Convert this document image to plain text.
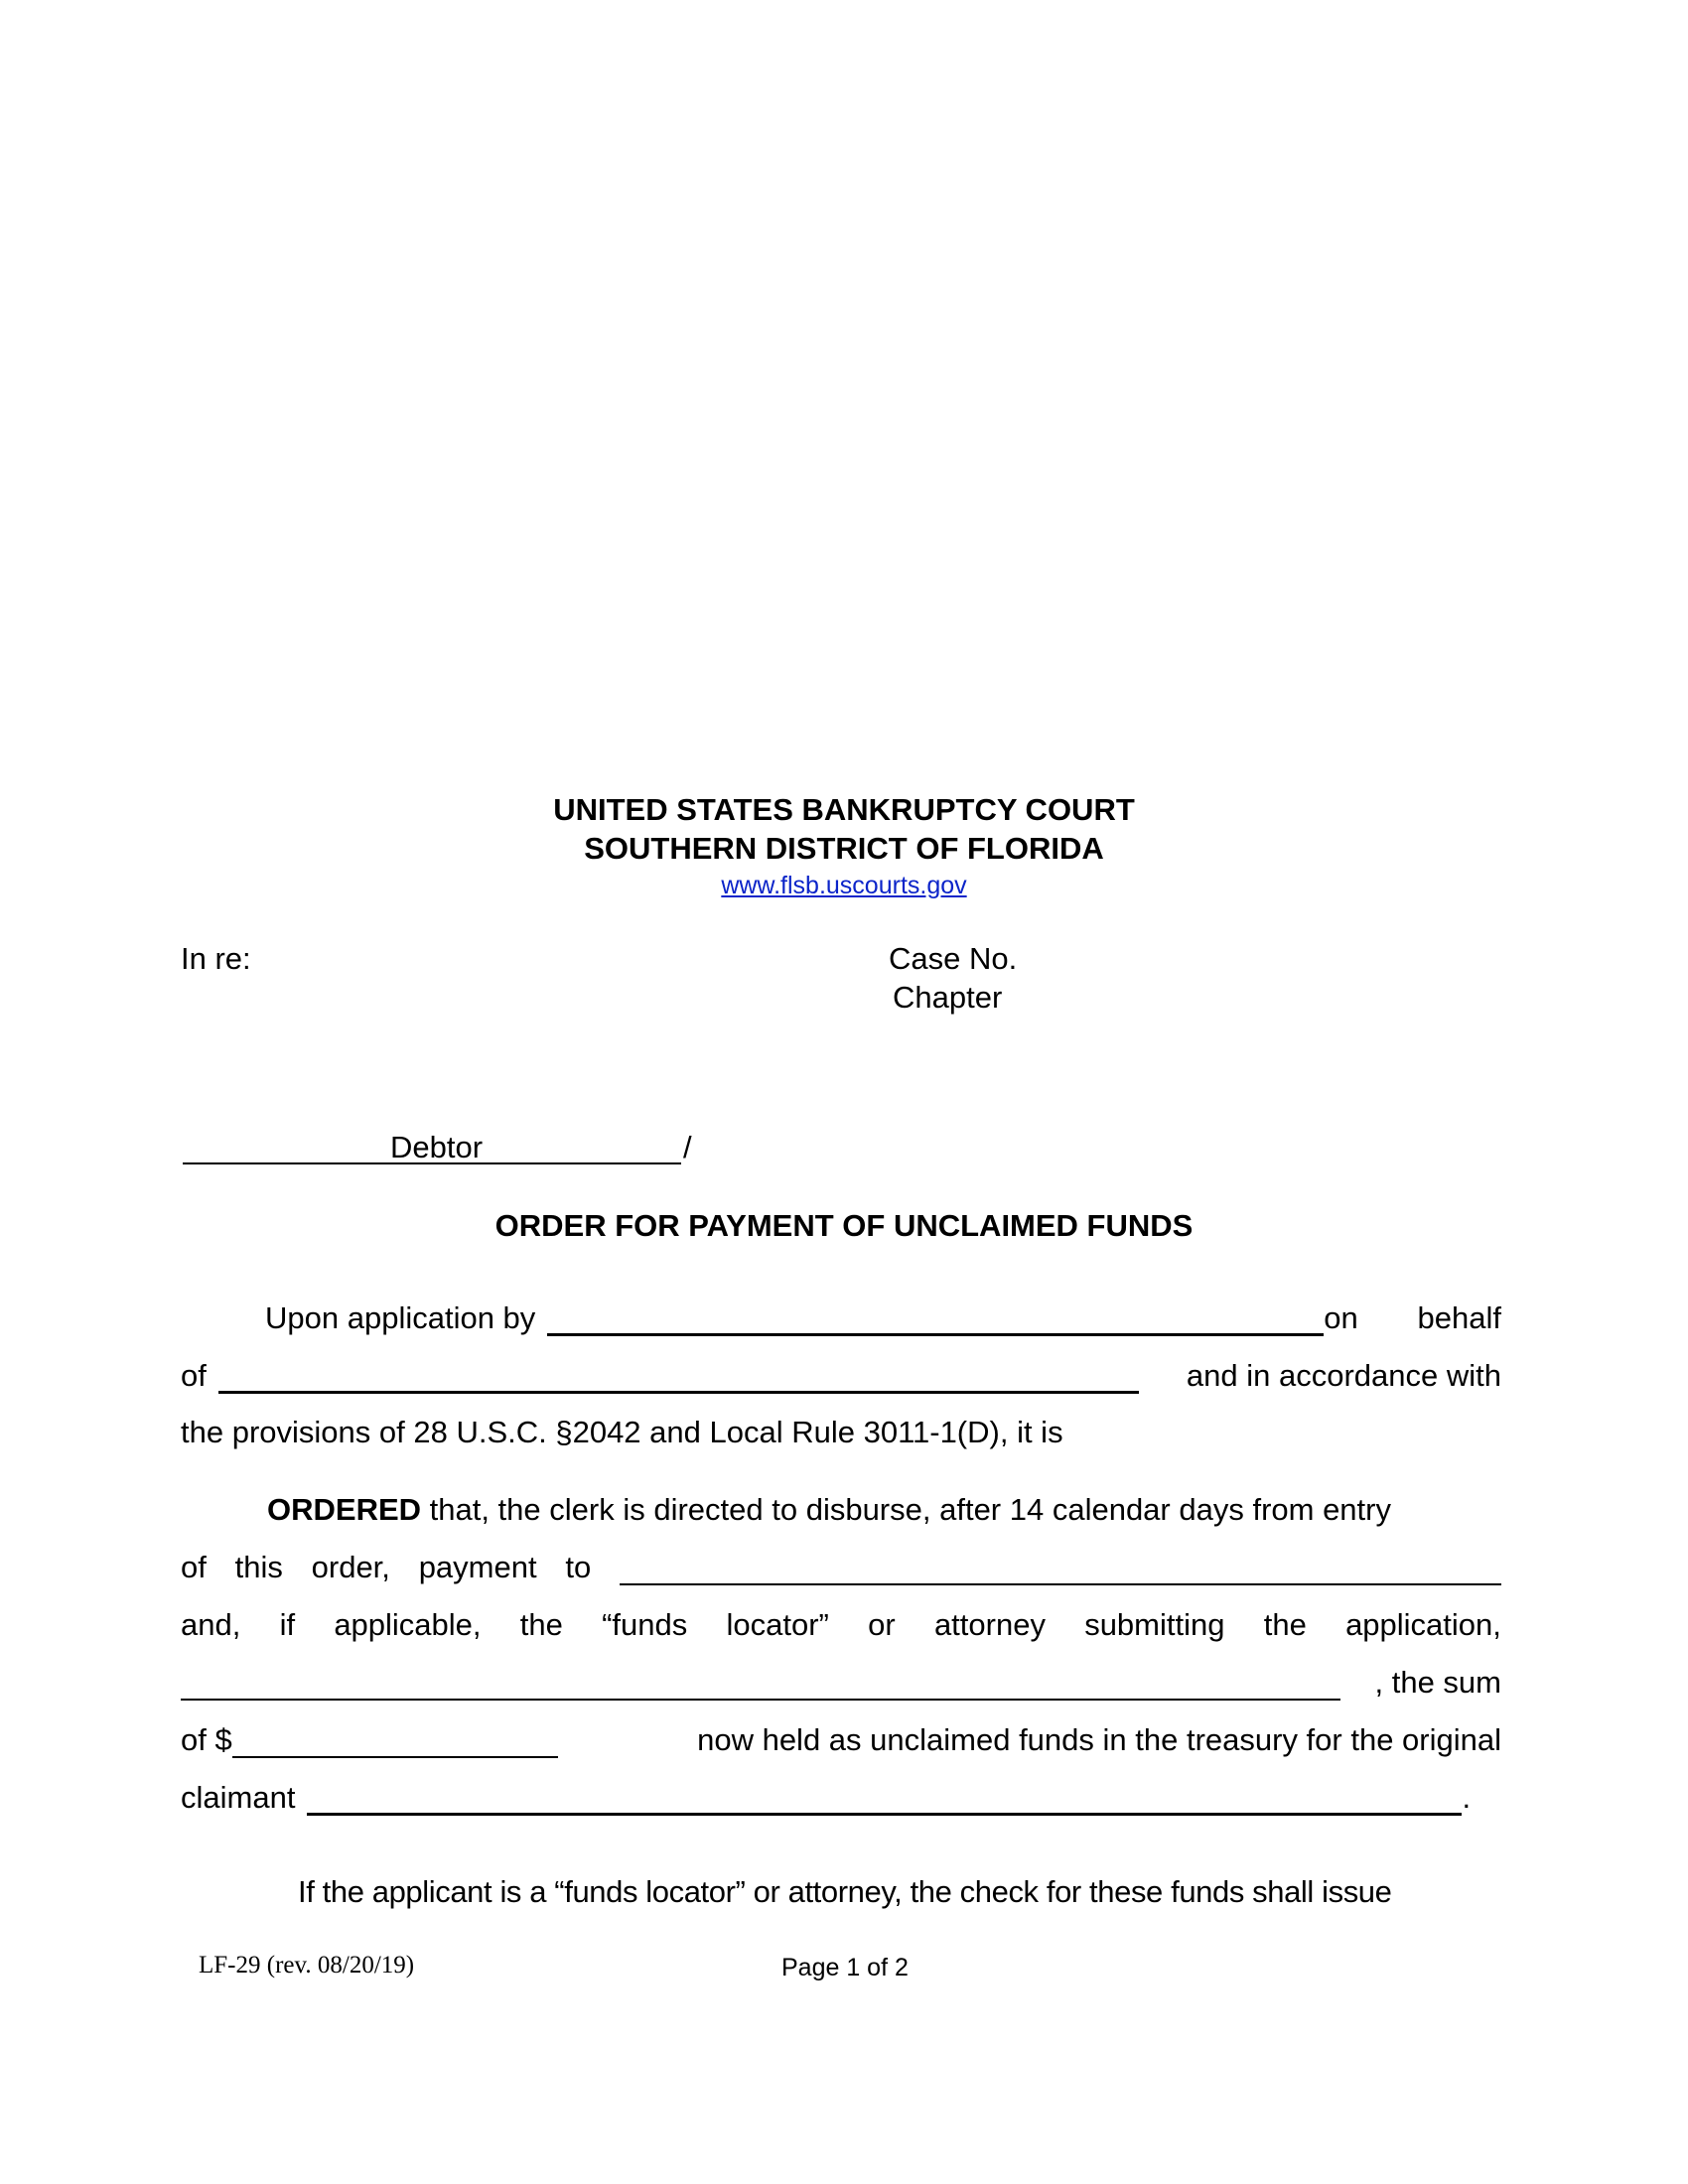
UNITED STATES BANKRUPTCY COURT
SOUTHERN DISTRICT OF FLORIDA
www.flsb.uscourts.gov
In re:	Case No.
Chapter
Debtor	/
ORDER FOR PAYMENT OF UNCLAIMED FUNDS
Upon application by	on behalf
of	and in accordance with
the provisions of 28 U.S.C. §2042 and Local Rule 3011-1(D), it is
ORDERED that, the clerk is directed to disburse, after 14 calendar days from entry
of this order, payment to
and, if applicable, the “funds locator” or attorney submitting the application,
, the sum
of $	now held as unclaimed funds in the treasury for the original
claimant	.
If the applicant is a “funds locator” or attorney, the check for these funds shall issue
LF-29 (rev. 08/20/19)	Page 1 of 2
